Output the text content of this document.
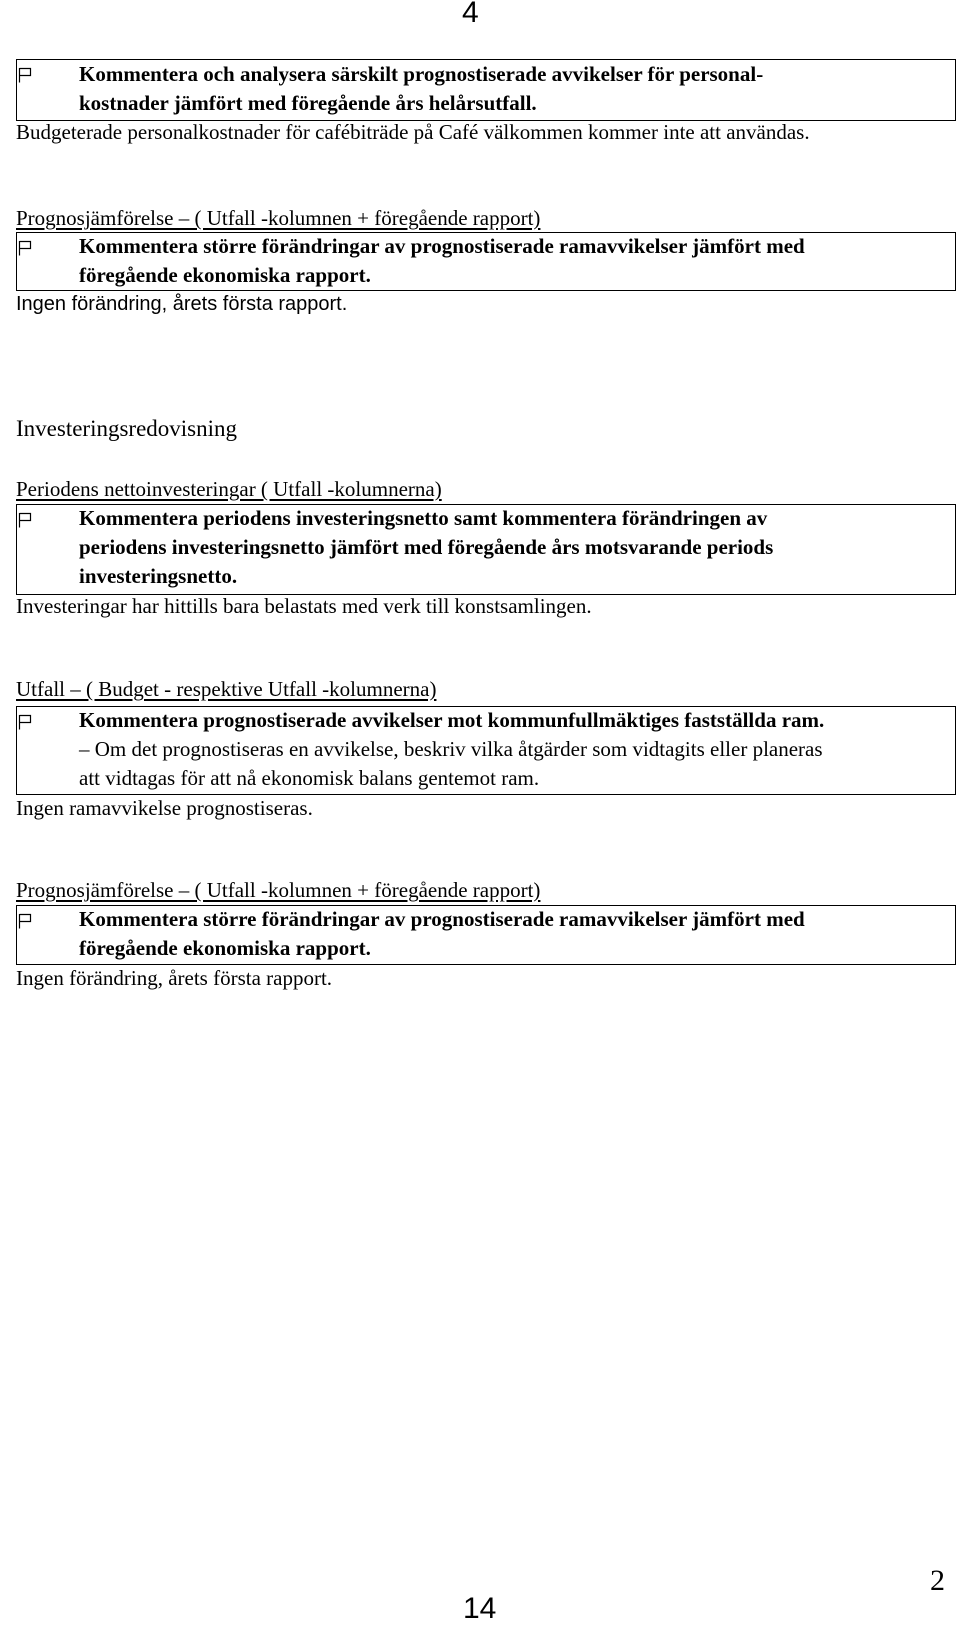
4
Kommentera och analysera särskilt prognostiserade avvikelser för personal-
kostnader jämfört med föregående års helårsutfall.
Budgeterade personalkostnader för cafébiträde på Café välkommen kommer inte att användas.
Prognosjämförelse – ( Utfall -kolumnen + föregående rapport)
Kommentera större förändringar av prognostiserade ramavvikelser jämfört med
föregående ekonomiska rapport.
Ingen förändring, årets första rapport.
Investeringsredovisning
Periodens nettoinvesteringar ( Utfall -kolumnerna)
Kommentera periodens investeringsnetto samt kommentera förändringen av
periodens investeringsnetto jämfört med föregående års motsvarande periods
investeringsnetto.
Investeringar har hittills bara belastats med verk till konstsamlingen.
Utfall – ( Budget - respektive Utfall -kolumnerna)
Kommentera prognostiserade avvikelser mot kommunfullmäktiges fastställda ram.
– Om det prognostiseras en avvikelse, beskriv vilka åtgärder som vidtagits eller planeras
att vidtagas för att nå ekonomisk balans gentemot ram.
Ingen ramavvikelse prognostiseras.
Prognosjämförelse – ( Utfall -kolumnen + föregående rapport)
Kommentera större förändringar av prognostiserade ramavvikelser jämfört med
föregående ekonomiska rapport.
Ingen förändring, årets första rapport.
2
14
